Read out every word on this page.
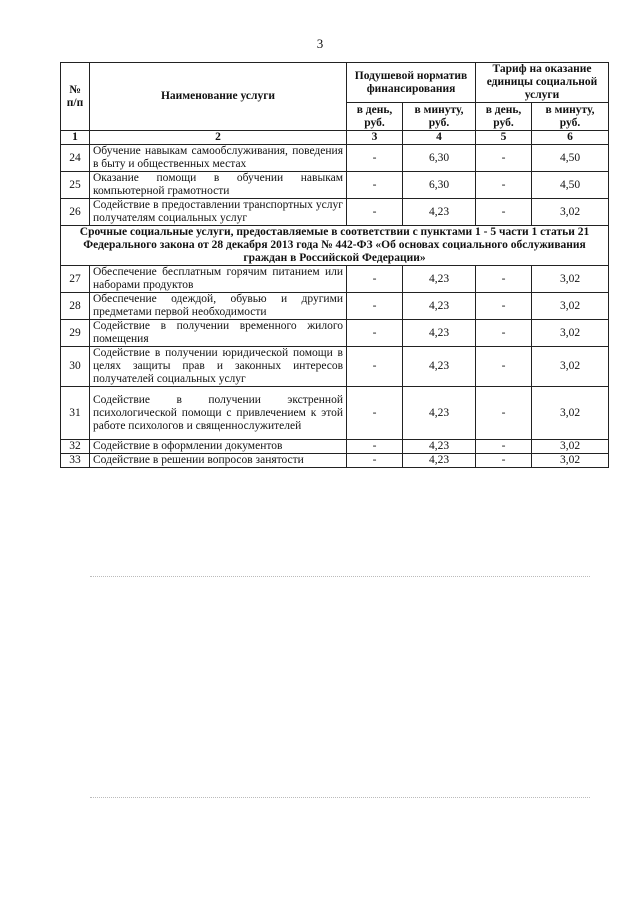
3
№ п/п	Наименование услуги	Подушевой норматив финансирования		Тариф на оказание единицы социальной услуги	
		в день, руб.	в минуту, руб.	в день, руб.	в минуту, руб.
1	2	3	4	5	6
24	Обучение навыкам самообслуживания, поведения в быту и общественных местах	-	6,30	-	4,50
25	Оказание помощи в обучении навыкам компьютерной грамотности	-	6,30	-	4,50
26	Содействие в предоставлении транспортных услуг получателям социальных услуг	-	4,23	-	3,02
Срочные социальные услуги, предоставляемые в соответствии с пунктами 1 - 5 части 1 статьи 21 Федерального закона от 28 декабря 2013 года № 442-ФЗ «Об основах социального обслуживания граждан в Российской Федерации»					
27	Обеспечение бесплатным горячим питанием или наборами продуктов	-	4,23	-	3,02
28	Обеспечение одеждой, обувью и другими предметами первой необходимости	-	4,23	-	3,02
29	Содействие в получении временного жилого помещения	-	4,23	-	3,02
30	Содействие в получении юридической помощи в целях защиты прав и законных интересов получателей социальных услуг	-	4,23	-	3,02
31	Содействие в получении экстренной психологической помощи с привлечением к этой работе психологов и священнослужителей	-	4,23	-	3,02
32	Содействие в оформлении документов	-	4,23	-	3,02
33	Содействие в решении вопросов занятости	-	4,23	-	3,02
